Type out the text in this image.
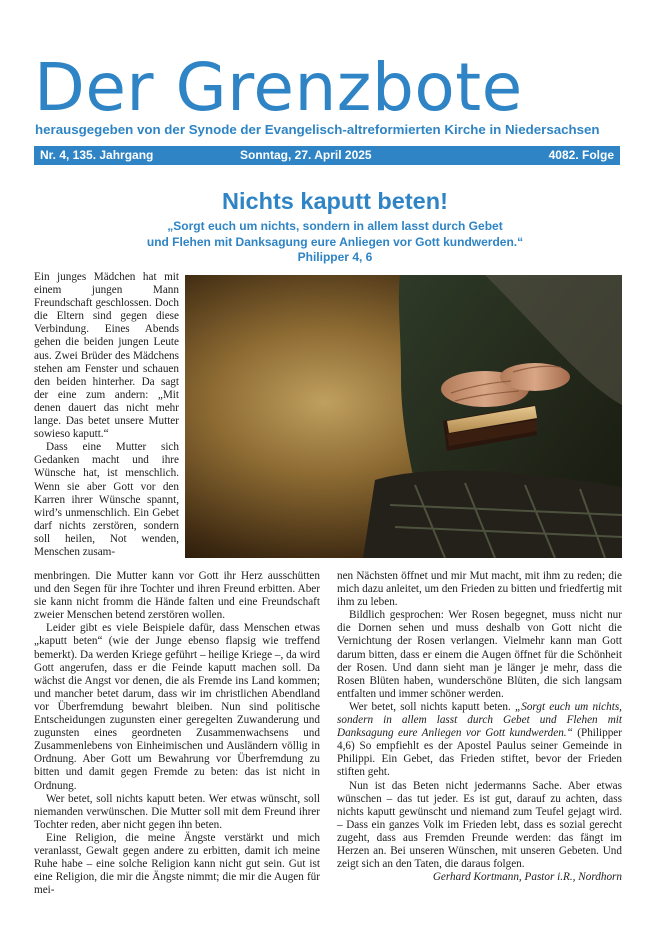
Der Grenzbote
herausgegeben von der Synode der Evangelisch-altreformierten Kirche in Niedersachsen
Nr. 4, 135. Jahrgang	Sonntag, 27. April 2025	4082. Folge
Nichts kaputt beten!
„Sorgt euch um nichts, sondern in allem lasst durch Gebet
und Flehen mit Danksagung eure Anliegen vor Gott kundwerden.“
Philipper 4, 6

Ein junges Mädchen hat mit einem jungen Mann Freundschaft geschlossen. Doch die Eltern sind gegen diese Verbindung. Eines Abends gehen die beiden jungen Leute aus. Zwei Brüder des Mädchens stehen am Fenster und schauen den beiden hinterher. Da sagt der eine zum andern: „Mit denen dauert das nicht mehr lange. Das betet unsere Mutter sowieso kaputt.“

Dass eine Mutter sich Gedanken macht und ihre Wünsche hat, ist menschlich. Wenn sie aber Gott vor den Karren ihrer Wünsche spannt, wird’s unmenschlich. Ein Gebet darf nichts zerstören, sondern soll heilen, Not wenden, Menschen zusam-

menbringen. Die Mutter kann vor Gott ihr Herz ausschütten und den Segen für ihre Tochter und ihren Freund erbitten. Aber sie kann nicht fromm die Hände falten und eine Freundschaft zweier Menschen betend zerstören wollen.

Leider gibt es viele Beispiele dafür, dass Menschen etwas „kaputt beten“ (wie der Junge ebenso flapsig wie treffend bemerkt). Da werden Kriege geführt – heilige Kriege –, da wird Gott angerufen, dass er die Feinde kaputt machen soll. Da wächst die Angst vor denen, die als Fremde ins Land kommen; und mancher betet darum, dass wir im christlichen Abendland vor Überfremdung bewahrt bleiben. Nun sind politische Entscheidungen zugunsten einer geregelten Zuwanderung und zugunsten eines geordneten Zusammenwachsens und Zusammenlebens von Einheimischen und Ausländern völlig in Ordnung. Aber Gott um Bewahrung vor Überfremdung zu bitten und damit gegen Fremde zu beten: das ist nicht in Ordnung.

Wer betet, soll nichts kaputt beten. Wer etwas wünscht, soll niemanden verwünschen. Die Mutter soll mit dem Freund ihrer Tochter reden, aber nicht gegen ihn beten.

Eine Religion, die meine Ängste verstärkt und mich veranlasst, Gewalt gegen andere zu erbitten, damit ich meine Ruhe habe – eine solche Religion kann nicht gut sein. Gut ist eine Religion, die mir die Ängste nimmt; die mir die Augen für mei-

nen Nächsten öffnet und mir Mut macht, mit ihm zu reden; die mich dazu anleitet, um den Frieden zu bitten und friedfertig mit ihm zu leben.

Bildlich gesprochen: Wer Rosen begegnet, muss nicht nur die Dornen sehen und muss deshalb von Gott nicht die Vernichtung der Rosen verlangen. Vielmehr kann man Gott darum bitten, dass er einem die Augen öffnet für die Schönheit der Rosen. Und dann sieht man je länger je mehr, dass die Rosen Blüten haben, wunderschöne Blüten, die sich langsam entfalten und immer schöner werden.

Wer betet, soll nichts kaputt beten. „Sorgt euch um nichts, sondern in allem lasst durch Gebet und Flehen mit Danksagung eure Anliegen vor Gott kundwerden.“ (Philipper 4,6) So empfiehlt es der Apostel Paulus seiner Gemeinde in Philippi. Ein Gebet, das Frieden stiftet, bevor der Frieden stiften geht.

Nun ist das Beten nicht jedermanns Sache. Aber etwas wünschen – das tut jeder. Es ist gut, darauf zu achten, dass nichts kaputt gewünscht und niemand zum Teufel gejagt wird. – Dass ein ganzes Volk im Frieden lebt, dass es sozial gerecht zugeht, dass aus Fremden Freunde werden: das fängt im Herzen an. Bei unseren Wünschen, mit unseren Gebeten. Und zeigt sich an den Taten, die daraus folgen.

Gerhard Kortmann, Pastor i.R., Nordhorn
